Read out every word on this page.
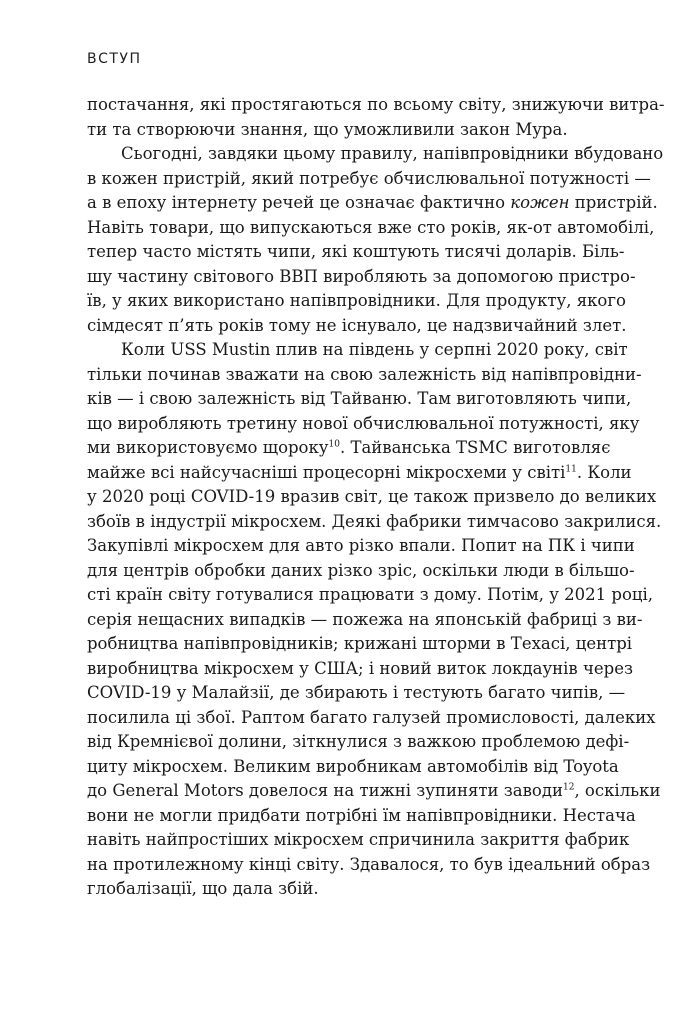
ВСТУП
постачання, які простягаються по всьому світу, знижуючи витра-
ти та створюючи знання, що уможливили закон Мура.
Сьогодні, завдяки цьому правилу, напівпровідники вбудовано
в кожен пристрій, який потребує обчислювальної потужності —
а в епоху інтернету речей це означає фактично кожен пристрій.
Навіть товари, що випускаються вже сто років, як-от автомобілі,
тепер часто містять чипи, які коштують тисячі доларів. Біль-
шу частину світового ВВП виробляють за допомогою пристро-
їв, у яких використано напівпровідники. Для продукту, якого
сімдесят п’ять років тому не існувало, це надзвичайний злет.
Коли USS Mustin плив на південь у серпні 2020 року, світ
тільки починав зважати на свою залежність від напівпровідни-
ків — і свою залежність від Тайваню. Там виготовляють чипи,
що виробляють третину нової обчислювальної потужності, яку
ми використовуємо щороку$^{10}$. Тайванська TSMC виготовляє
майже всі найсучасніші процесорні мікросхеми у світі$^{11}$. Коли
у 2020 році COVID-19 вразив світ, це також призвело до великих
збоїв в індустрії мікросхем. Деякі фабрики тимчасово закрилися.
Закупівлі мікросхем для авто різко впали. Попит на ПК і чипи
для центрів обробки даних різко зріс, оскільки люди в більшо-
сті країн світу готувалися працювати з дому. Потім, у 2021 році,
серія нещасних випадків — пожежа на японській фабриці з ви-
робництва напівпровідників; крижані шторми в Техасі, центрі
виробництва мікросхем у США; і новий виток локдаунів через
COVID-19 у Малайзії, де збирають і тестують багато чипів, —
посилила ці збої. Раптом багато галузей промисловості, далеких
від Кремнієвої долини, зіткнулися з важкою проблемою дефі-
циту мікросхем. Великим виробникам автомобілів від Toyota
до General Motors довелося на тижні зупиняти заводи$^{12}$, оскільки
вони не могли придбати потрібні їм напівпровідники. Нестача
навіть найпростіших мікросхем спричинила закриття фабрик
на протилежному кінці світу. Здавалося, то був ідеальний образ
глобалізації, що дала збій.
